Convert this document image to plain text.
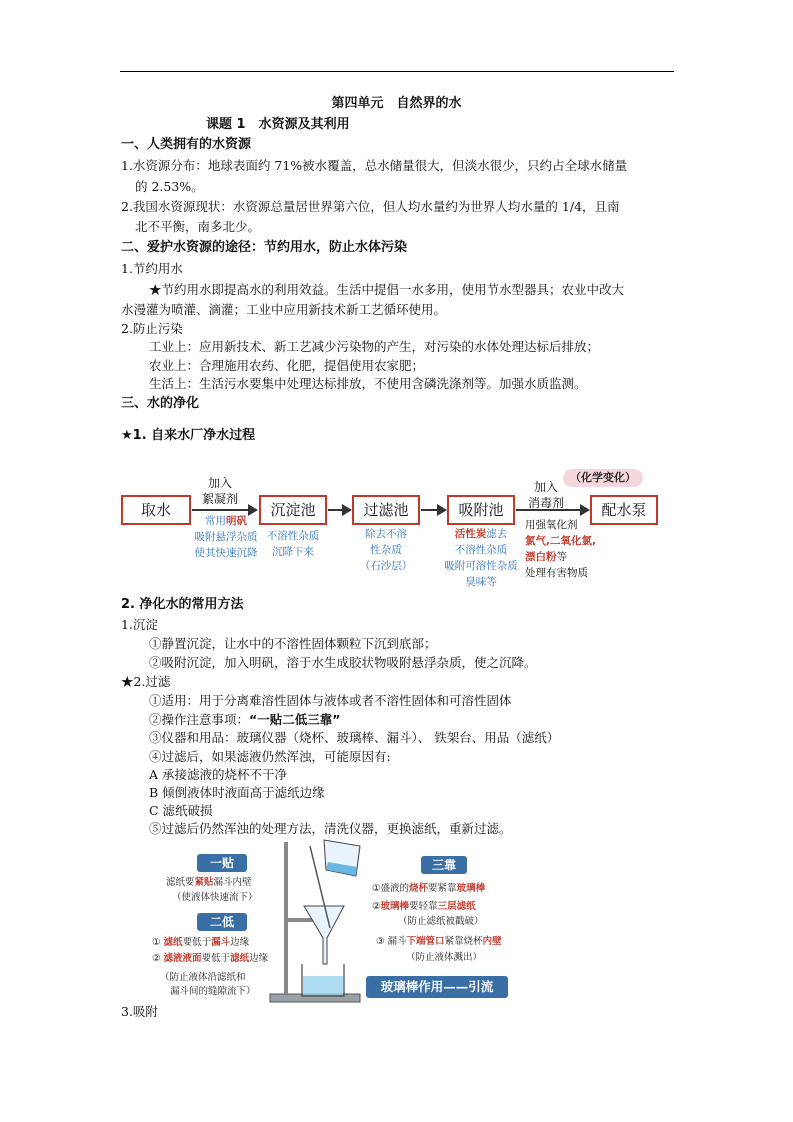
第四单元　自然界的水
课题 1　水资源及其利用
一、人类拥有的水资源
1.水资源分布：地球表面约 71%被水覆盖，总水储量很大，但淡水很少，只约占全球水储量
的 2.53%。
2.我国水资源现状：水资源总量居世界第六位，但人均水量约为世界人均水量的 1/4，且南
北不平衡，南多北少。
二、爱护水资源的途径：节约用水，防止水体污染
1.节约用水
★节约用水即提高水的利用效益。生活中提倡一水多用，使用节水型器具；农业中改大
水漫灌为喷灌、滴灌；工业中应用新技术新工艺循环使用。
2.防止污染
工业上：应用新技术、新工艺减少污染物的产生，对污染的水体处理达标后排放；
农业上：合理施用农药、化肥，提倡使用农家肥；
生活上：生活污水要集中处理达标排放，不使用含磷洗涤剂等。加强水质监测。
三、水的净化
★1. 自来水厂净水过程
取水	沉淀池	过滤池	吸附池	配水泵
加入
絮凝剂
加入
消毒剂
（化学变化）
常用明矾
吸附悬浮杂质
使其快速沉降
不溶性杂质
沉降下来
除去不溶
性杂质
（石沙层）
活性炭滤去
不溶性杂质
吸附可溶性杂质
臭味等
用强氧化剂
氯气,二氧化氯,
漂白粉等
处理有害物质
2. 净化水的常用方法
1.沉淀
①静置沉淀，让水中的不溶性固体颗粒下沉到底部；
②吸附沉淀，加入明矾，溶于水生成胶状物吸附悬浮杂质，使之沉降。
★2.过滤
①适用：用于分离难溶性固体与液体或者不溶性固体和可溶性固体
②操作注意事项：“一贴二低三靠”
③仪器和用品：玻璃仪器（烧杯、玻璃棒、漏斗）、 铁架台、用品（滤纸）
④过滤后，如果滤液仍然浑浊，可能原因有:
A 承接滤液的烧杯不干净
B 倾倒液体时液面高于滤纸边缘
C 滤纸破损
⑤过滤后仍然浑浊的处理方法，清洗仪器，更换滤纸，重新过滤。
一贴
滤纸要紧贴漏斗内壁
（使液体快速流下）
二低
① 滤纸要低于漏斗边缘
② 滤液液面要低于滤纸边缘
（防止液体沿滤纸和
漏斗间的缝隙流下）
三靠
①盛液的烧杯要紧靠玻璃棒
②玻璃棒要轻靠三层滤纸
（防止滤纸被戳破）
③ 漏斗下端管口紧靠烧杯内壁
（防止液体溅出）
玻璃棒作用——引流
3.吸附
